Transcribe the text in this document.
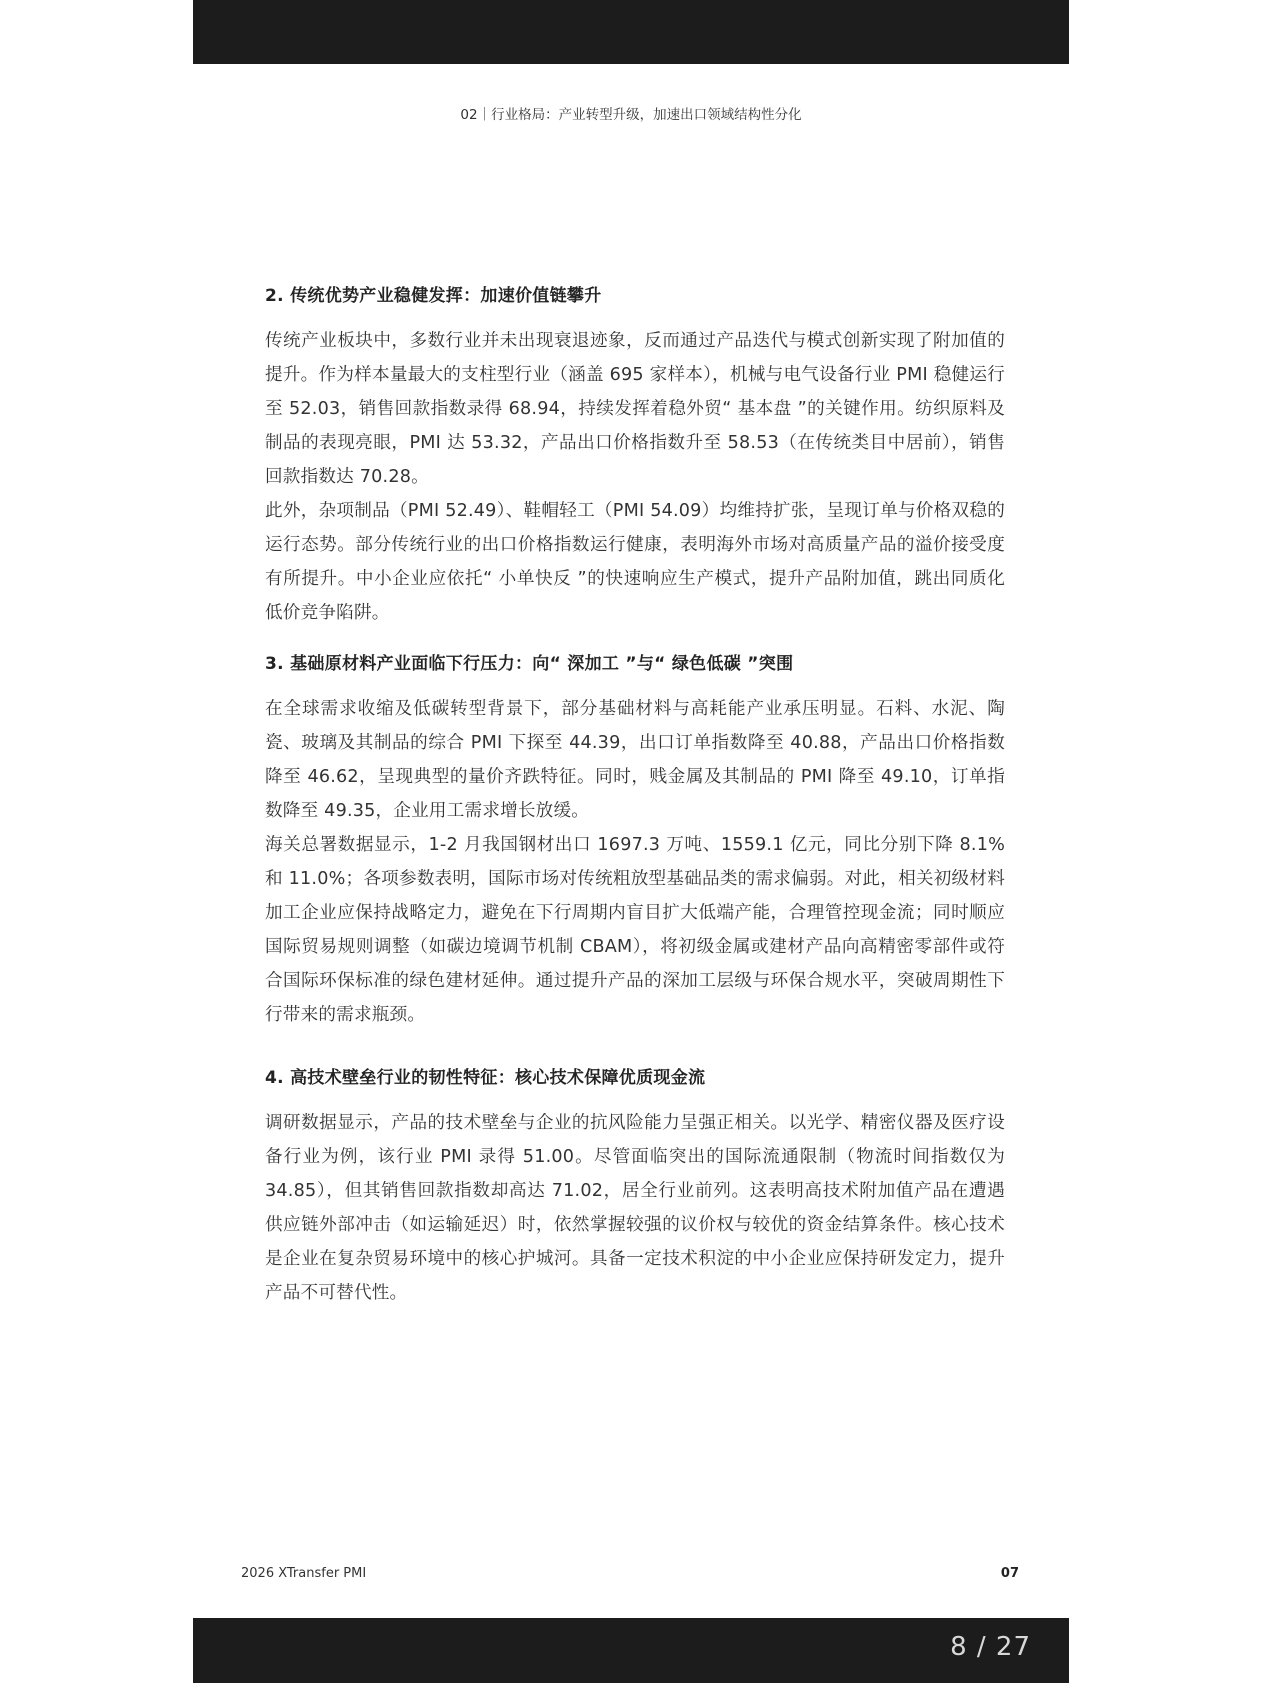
02｜行业格局：产业转型升级，加速出口领域结构性分化
2. 传统优势产业稳健发挥：加速价值链攀升

传统产业板块中，多数行业并未出现衰退迹象，反而通过产品迭代与模式创新实现了附加值的提升。作为样本量最大的支柱型行业（涵盖 695 家样本），机械与电气设备行业 PMI 稳健运行至 52.03，销售回款指数录得 68.94，持续发挥着稳外贸“ 基本盘 ”的关键作用。纺织原料及制品的表现亮眼，PMI 达 53.32，产品出口价格指数升至 58.53（在传统类目中居前），销售回款指数达 70.28。

此外，杂项制品（PMI 52.49）、鞋帽轻工（PMI 54.09）均维持扩张，呈现订单与价格双稳的运行态势。部分传统行业的出口价格指数运行健康，表明海外市场对高质量产品的溢价接受度有所提升。中小企业应依托“ 小单快反 ”的快速响应生产模式，提升产品附加值，跳出同质化低价竞争陷阱。

3. 基础原材料产业面临下行压力：向“ 深加工 ”与“ 绿色低碳 ”突围

在全球需求收缩及低碳转型背景下，部分基础材料与高耗能产业承压明显。石料、水泥、陶瓷、玻璃及其制品的综合 PMI 下探至 44.39，出口订单指数降至 40.88，产品出口价格指数降至 46.62，呈现典型的量价齐跌特征。同时，贱金属及其制品的 PMI 降至 49.10，订单指数降至 49.35，企业用工需求增长放缓。

海关总署数据显示，1-2 月我国钢材出口 1697.3 万吨、1559.1 亿元，同比分别下降 8.1% 和 11.0%；各项参数表明，国际市场对传统粗放型基础品类的需求偏弱。对此，相关初级材料加工企业应保持战略定力，避免在下行周期内盲目扩大低端产能，合理管控现金流；同时顺应国际贸易规则调整（如碳边境调节机制 CBAM），将初级金属或建材产品向高精密零部件或符合国际环保标准的绿色建材延伸。通过提升产品的深加工层级与环保合规水平，突破周期性下行带来的需求瓶颈。

4. 高技术壁垒行业的韧性特征：核心技术保障优质现金流

调研数据显示，产品的技术壁垒与企业的抗风险能力呈强正相关。以光学、精密仪器及医疗设备行业为例，该行业 PMI 录得 51.00。尽管面临突出的国际流通限制（物流时间指数仅为 34.85），但其销售回款指数却高达 71.02，居全行业前列。这表明高技术附加值产品在遭遇供应链外部冲击（如运输延迟）时，依然掌握较强的议价权与较优的资金结算条件。核心技术是企业在复杂贸易环境中的核心护城河。具备一定技术积淀的中小企业应保持研发定力，提升产品不可替代性。

2026 XTransfer PMI	07
8 / 27
